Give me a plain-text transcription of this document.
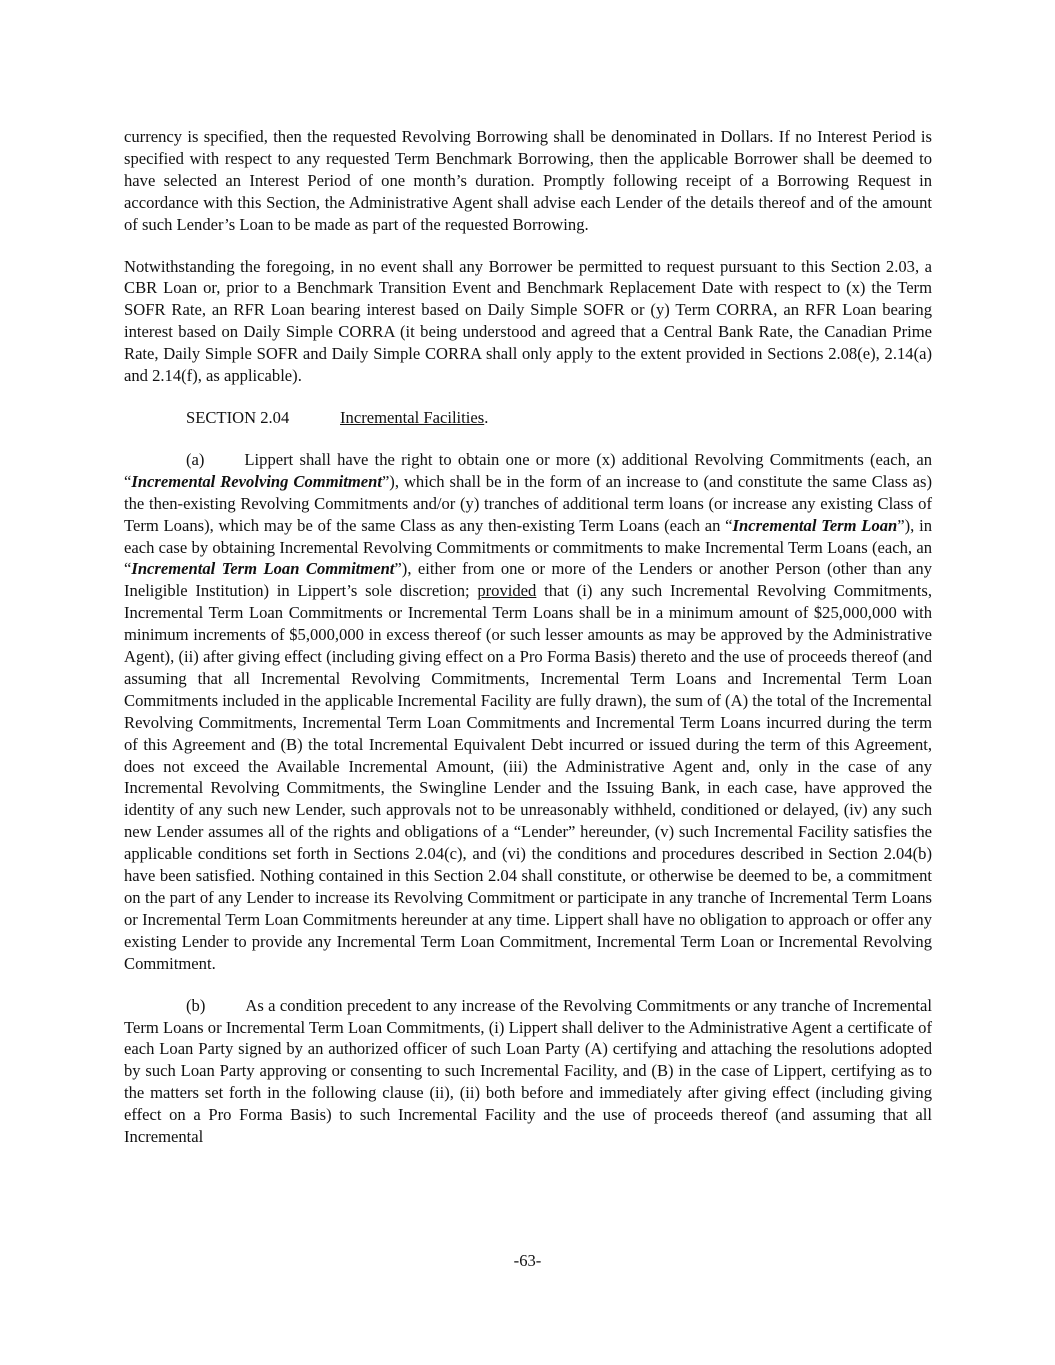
currency is specified, then the requested Revolving Borrowing shall be denominated in Dollars. If no Interest Period is specified with respect to any requested Term Benchmark Borrowing, then the applicable Borrower shall be deemed to have selected an Interest Period of one month’s duration. Promptly following receipt of a Borrowing Request in accordance with this Section, the Administrative Agent shall advise each Lender of the details thereof and of the amount of such Lender’s Loan to be made as part of the requested Borrowing.

Notwithstanding the foregoing, in no event shall any Borrower be permitted to request pursuant to this Section 2.03, a CBR Loan or, prior to a Benchmark Transition Event and Benchmark Replacement Date with respect to (x) the Term SOFR Rate, an RFR Loan bearing interest based on Daily Simple SOFR or (y) Term CORRA, an RFR Loan bearing interest based on Daily Simple CORRA (it being understood and agreed that a Central Bank Rate, the Canadian Prime Rate, Daily Simple SOFR and Daily Simple CORRA shall only apply to the extent provided in Sections 2.08(e), 2.14(a) and 2.14(f), as applicable).

SECTION 2.04	Incremental Facilities.

(a) Lippert shall have the right to obtain one or more (x) additional Revolving Commitments (each, an “Incremental Revolving Commitment”), which shall be in the form of an increase to (and constitute the same Class as) the then-existing Revolving Commitments and/or (y) tranches of additional term loans (or increase any existing Class of Term Loans), which may be of the same Class as any then-existing Term Loans (each an “Incremental Term Loan”), in each case by obtaining Incremental Revolving Commitments or commitments to make Incremental Term Loans (each, an “Incremental Term Loan Commitment”), either from one or more of the Lenders or another Person (other than any Ineligible Institution) in Lippert’s sole discretion; provided that (i) any such Incremental Revolving Commitments, Incremental Term Loan Commitments or Incremental Term Loans shall be in a minimum amount of $25,000,000 with minimum increments of $5,000,000 in excess thereof (or such lesser amounts as may be approved by the Administrative Agent), (ii) after giving effect (including giving effect on a Pro Forma Basis) thereto and the use of proceeds thereof (and assuming that all Incremental Revolving Commitments, Incremental Term Loans and Incremental Term Loan Commitments included in the applicable Incremental Facility are fully drawn), the sum of (A) the total of the Incremental Revolving Commitments, Incremental Term Loan Commitments and Incremental Term Loans incurred during the term of this Agreement and (B) the total Incremental Equivalent Debt incurred or issued during the term of this Agreement, does not exceed the Available Incremental Amount, (iii) the Administrative Agent and, only in the case of any Incremental Revolving Commitments, the Swingline Lender and the Issuing Bank, in each case, have approved the identity of any such new Lender, such approvals not to be unreasonably withheld, conditioned or delayed, (iv) any such new Lender assumes all of the rights and obligations of a “Lender” hereunder, (v) such Incremental Facility satisfies the applicable conditions set forth in Sections 2.04(c), and (vi) the conditions and procedures described in Section 2.04(b) have been satisfied. Nothing contained in this Section 2.04 shall constitute, or otherwise be deemed to be, a commitment on the part of any Lender to increase its Revolving Commitment or participate in any tranche of Incremental Term Loans or Incremental Term Loan Commitments hereunder at any time. Lippert shall have no obligation to approach or offer any existing Lender to provide any Incremental Term Loan Commitment, Incremental Term Loan or Incremental Revolving Commitment.

(b) As a condition precedent to any increase of the Revolving Commitments or any tranche of Incremental Term Loans or Incremental Term Loan Commitments, (i) Lippert shall deliver to the Administrative Agent a certificate of each Loan Party signed by an authorized officer of such Loan Party (A) certifying and attaching the resolutions adopted by such Loan Party approving or consenting to such Incremental Facility, and (B) in the case of Lippert, certifying as to the matters set forth in the following clause (ii), (ii) both before and immediately after giving effect (including giving effect on a Pro Forma Basis) to such Incremental Facility and the use of proceeds thereof (and assuming that all Incremental

-63-
